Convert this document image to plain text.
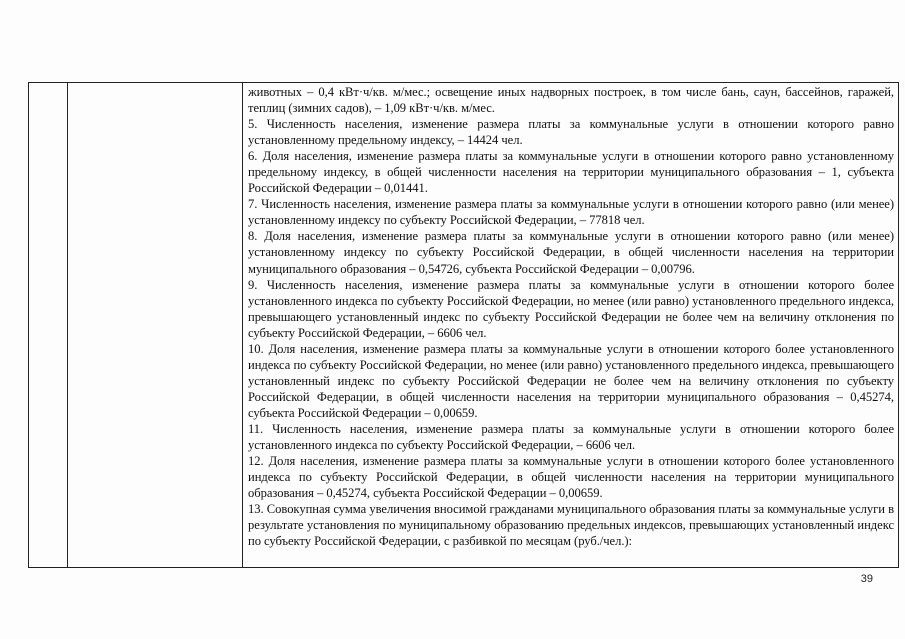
животных – 0,4 кВт·ч/кв. м/мес.; освещение иных надворных построек, в том числе бань, саун, бассейнов, гаражей, теплиц (зимних садов), – 1,09 кВт·ч/кв. м/мес.

5. Численность населения, изменение размера платы за коммунальные услуги в отношении которого равно установленному предельному индексу, – 14424 чел.

6. Доля населения, изменение размера платы за коммунальные услуги в отношении которого равно установленному предельному индексу, в общей численности населения на территории муниципального образования – 1, субъекта Российской Федерации – 0,01441.

7. Численность населения, изменение размера платы за коммунальные услуги в отношении которого равно (или менее) установленному индексу по субъекту Российской Федерации, – 77818 чел.

8. Доля населения, изменение размера платы за коммунальные услуги в отношении которого равно (или менее) установленному индексу по субъекту Российской Федерации, в общей численности населения на территории муниципального образования – 0,54726, субъекта Российской Федерации – 0,00796.

9. Численность населения, изменение размера платы за коммунальные услуги в отношении которого более установленного индекса по субъекту Российской Федерации, но менее (или равно) установленного предельного индекса, превышающего установленный индекс по субъекту Российской Федерации не более чем на величину отклонения по субъекту Российской Федерации, – 6606 чел.

10. Доля населения, изменение размера платы за коммунальные услуги в отношении которого более установленного индекса по субъекту Российской Федерации, но менее (или равно) установленного предельного индекса, превышающего установленный индекс по субъекту Российской Федерации не более чем на величину отклонения по субъекту Российской Федерации, в общей численности населения на территории муниципального образования – 0,45274, субъекта Российской Федерации – 0,00659.

11. Численность населения, изменение размера платы за коммунальные услуги в отношении которого более установленного индекса по субъекту Российской Федерации, – 6606 чел.

12. Доля населения, изменение размера платы за коммунальные услуги в отношении которого более установленного индекса по субъекту Российской Федерации, в общей численности населения на территории муниципального образования – 0,45274, субъекта Российской Федерации – 0,00659.

13. Совокупная сумма увеличения вносимой гражданами муниципального образования платы за коммунальные услуги в результате установления по муниципальному образованию предельных индексов, превышающих установленный индекс по субъекту Российской Федерации, с разбивкой по месяцам (руб./чел.):

39
